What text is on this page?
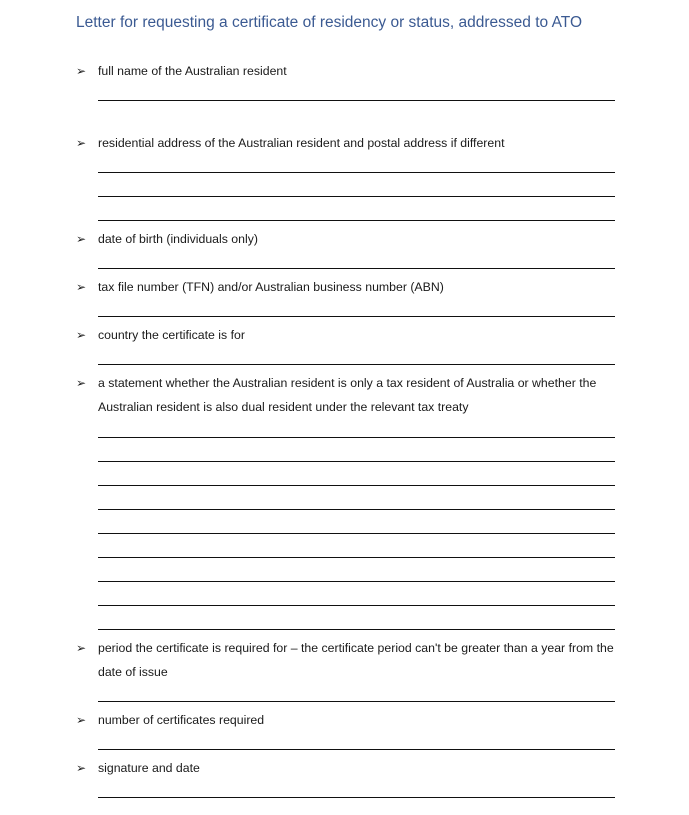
Letter for requesting a certificate of residency or status, addressed to ATO
➢ full name of the Australian resident
➢ residential address of the Australian resident and postal address if different
➢ date of birth (individuals only)
➢ tax file number (TFN) and/or Australian business number (ABN)
➢ country the certificate is for
➢ a statement whether the Australian resident is only a tax resident of Australia or whether the
Australian resident is also dual resident under the relevant tax treaty
➢ period the certificate is required for – the certificate period can't be greater than a year from the
date of issue
➢ number of certificates required
➢ signature and date
